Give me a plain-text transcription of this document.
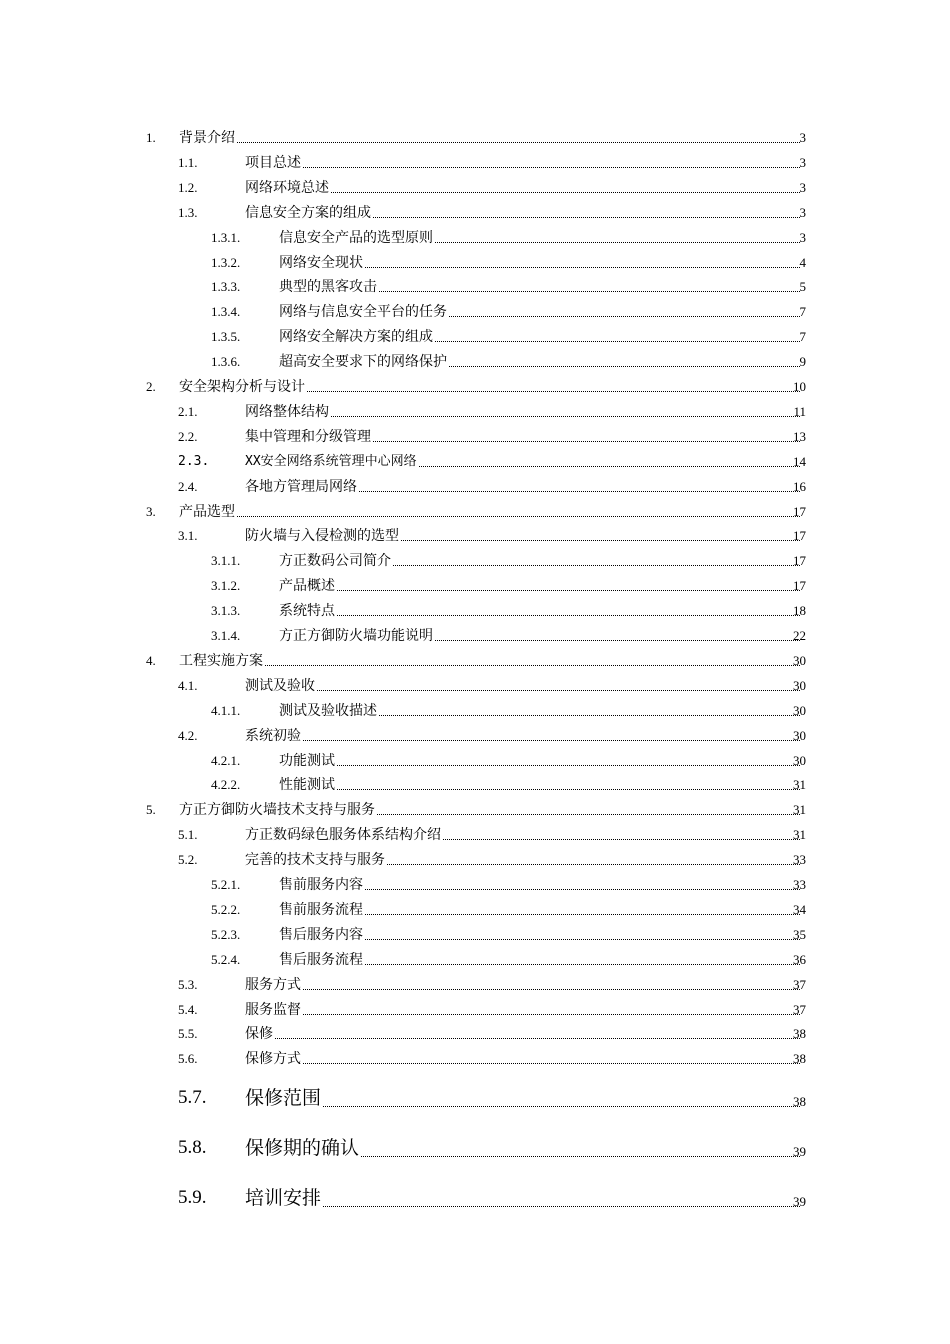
1. 背景介绍	3
1.1.	项目总述	3
1.2.	网络环境总述	3
1.3.	信息安全方案的组成	3
1.3.1.	信息安全产品的选型原则	3
1.3.2.	网络安全现状	4
1.3.3.	典型的黑客攻击	5
1.3.4.	网络与信息安全平台的任务	7
1.3.5.	网络安全解决方案的组成	7
1.3.6.	超高安全要求下的网络保护	9
2. 安全架构分析与设计	10
2.1.	网络整体结构	11
2.2.	集中管理和分级管理	13
2.3.	XX安全网络系统管理中心网络	14
2.4.	各地方管理局网络	16
3. 产品选型	17
3.1.	防火墙与入侵检测的选型	17
3.1.1.	方正数码公司简介	17
3.1.2.	产品概述	17
3.1.3.	系统特点	18
3.1.4.	方正方御防火墙功能说明	22
4. 工程实施方案	30
4.1.	测试及验收	30
4.1.1.	测试及验收描述	30
4.2.	系统初验	30
4.2.1.	功能测试	30
4.2.2.	性能测试	31
5. 方正方御防火墙技术支持与服务	31
5.1.	方正数码绿色服务体系结构介绍	31
5.2.	完善的技术支持与服务	33
5.2.1.	售前服务内容	33
5.2.2.	售前服务流程	34
5.2.3.	售后服务内容	35
5.2.4.	售后服务流程	36
5.3.	服务方式	37
5.4.	服务监督	37
5.5.	保修	38
5.6.	保修方式	38
5.7. 保修范围	38
5.8. 保修期的确认	39
5.9. 培训安排	39
